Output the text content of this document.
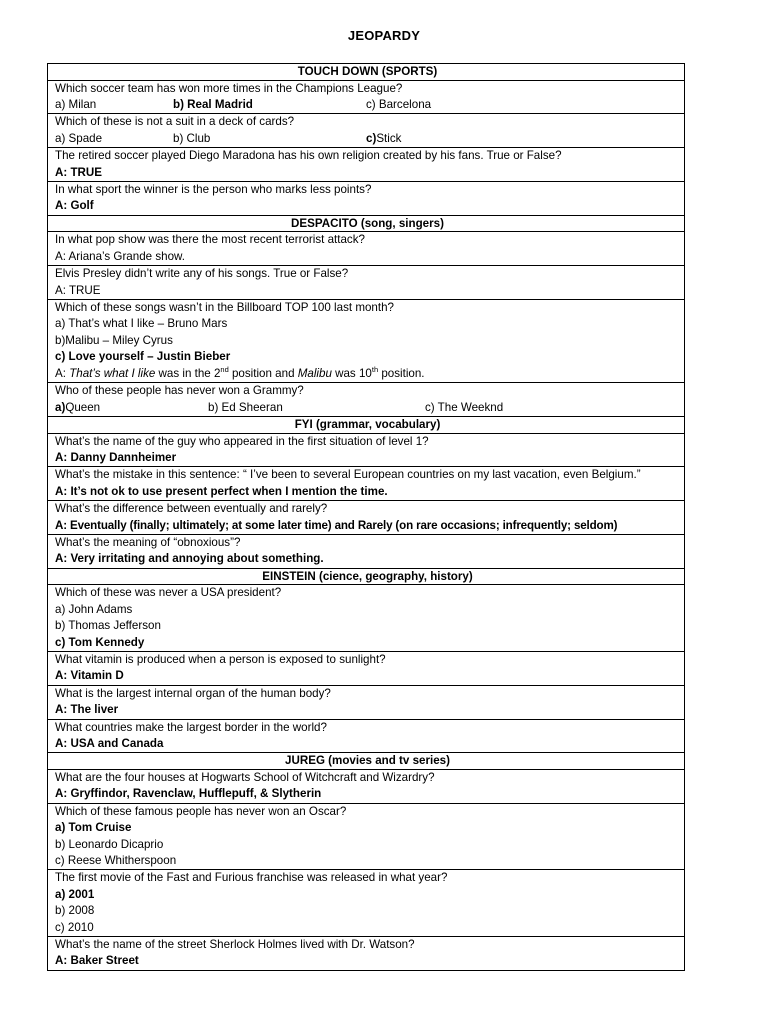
JEOPARDY
TOUCH DOWN (SPORTS)
Which soccer team has won more times in the Champions League?
a) Milan	b) Real Madrid	c) Barcelona
Which of these is not a suit in a deck of cards?
a) Spade	b) Club	c)Stick
The retired soccer played Diego Maradona has his own religion created by his fans. True or False?
A: TRUE
In what sport the winner is the person who marks less points?
A: Golf
DESPACITO (song, singers)
In what pop show was there the most recent terrorist attack?
A: Ariana’s Grande show.
Elvis Presley didn’t write any of his songs. True or False?
A: TRUE
Which of these songs wasn’t in the Billboard TOP 100 last month?
a) That’s what I like – Bruno Mars
b)Malibu – Miley Cyrus
c) Love yourself – Justin Bieber
A: That’s what I like was in the 2nd position and Malibu was 10th position.
Who of these people has never won a Grammy?
a)Queen	b) Ed Sheeran	c) The Weeknd
FYI (grammar, vocabulary)
What’s the name of the guy who appeared in the first situation of level 1?
A: Danny Dannheimer
What’s the mistake in this sentence: “ I’ve been to several European countries on my last vacation, even Belgium.”
A: It’s not ok to use present perfect when I mention the time.
What’s the difference between eventually and rarely?
A: Eventually (finally; ultimately; at some later time) and Rarely (on rare occasions; infrequently; seldom)
What’s the meaning of “obnoxious”?
A: Very irritating and annoying about something.
EINSTEIN (cience, geography, history)
Which of these was never a USA president?
a) John Adams
b) Thomas Jefferson
c) Tom Kennedy
What vitamin is produced when a person is exposed to sunlight?
A: Vitamin D
What is the largest internal organ of the human body?
A: The liver
What countries make the largest border in the world?
A: USA and Canada
JUREG (movies and tv series)
What are the four houses at Hogwarts School of Witchcraft and Wizardry?
A: Gryffindor, Ravenclaw, Hufflepuff, & Slytherin
Which of these famous people has never won an Oscar?
a) Tom Cruise
b) Leonardo Dicaprio
c) Reese Whitherspoon
The first movie of the Fast and Furious franchise was released in what year?
a) 2001
b) 2008
c) 2010
What’s the name of the street Sherlock Holmes lived with Dr. Watson?
A: Baker Street
